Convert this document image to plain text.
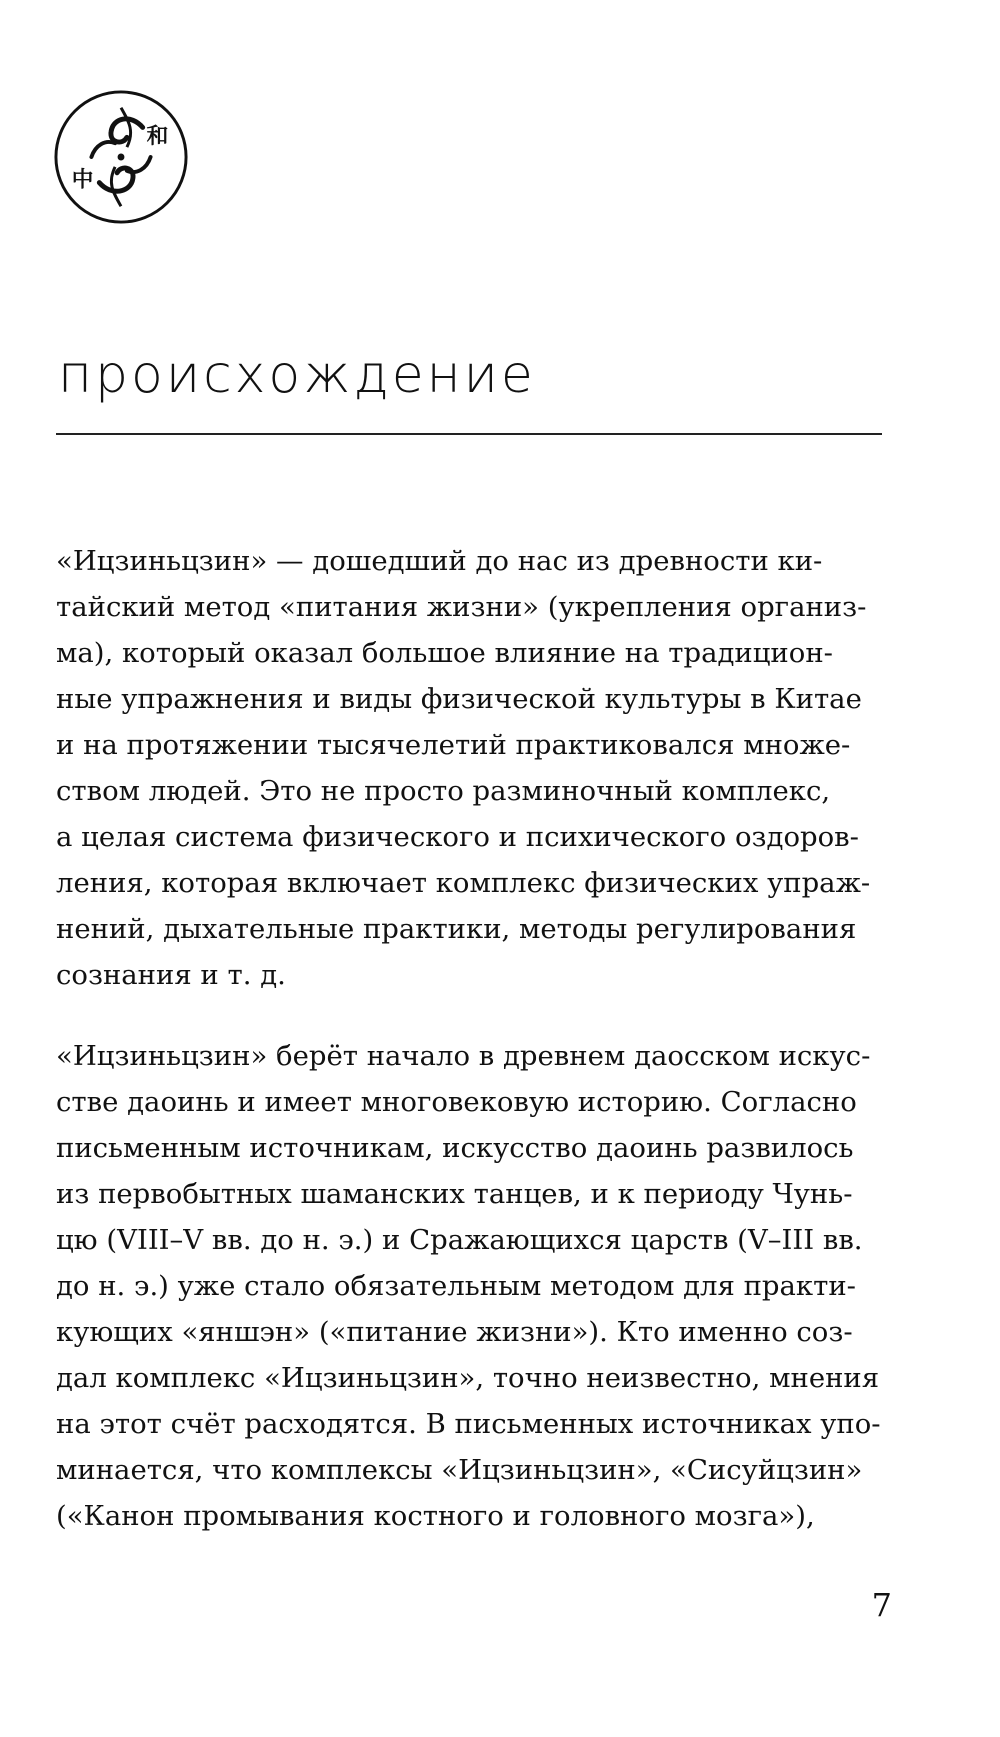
和
中
происхождение

«Ицзиньцзин» — дошедший до нас из древности ки-
тайский метод «питания жизни» (укрепления организ-
ма), который оказал большое влияние на традицион-
ные упражнения и виды физической культуры в Китае
и на протяжении тысячелетий практиковался множе-
ством людей. Это не просто разминочный комплекс,
а целая система физического и психического оздоров-
ления, которая включает комплекс физических упраж-
нений, дыхательные практики, методы регулирования
сознания и т. д.

«Ицзиньцзин» берёт начало в древнем даосском искус-
стве даоинь и имеет многовековую историю. Согласно
письменным источникам, искусство даоинь развилось
из первобытных шаманских танцев, и к периоду Чунь-
цю (VIII–V вв. до н. э.) и Сражающихся царств (V–III вв.
до н. э.) уже стало обязательным методом для практи-
кующих «яншэн» («питание жизни»). Кто именно соз-
дал комплекс «Ицзиньцзин», точно неизвестно, мнения
на этот счёт расходятся. В письменных источниках упо-
минается, что комплексы «Ицзиньцзин», «Сисуйцзин»
(«Канон промывания костного и головного мозга»),

7
